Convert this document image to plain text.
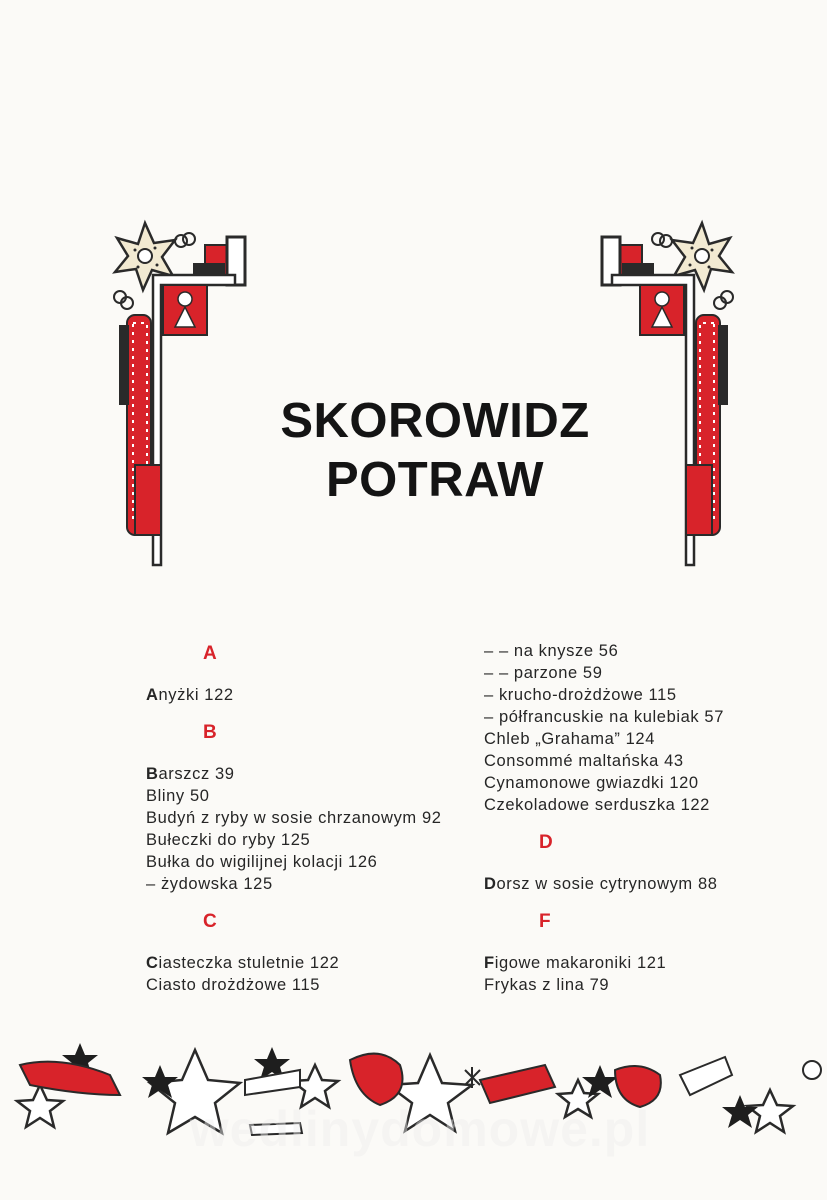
SKOROWIDZ
POTRAW
A
Anyżki 122
B
Barszcz 39
Bliny 50
Budyń z ryby w sosie chrzanowym 92
Bułeczki do ryby 125
Bułka do wigilijnej kolacji 126
– żydowska 125
C
Ciasteczka stuletnie 122
Ciasto drożdżowe 115
– – na knysze 56
– – parzone 59
– krucho-drożdżowe 115
– półfrancuskie na kulebiak 57
Chleb „Grahama” 124
Consommé maltańska 43
Cynamonowe gwiazdki 120
Czekoladowe serduszka 122
D
Dorsz w sosie cytrynowym 88
F
Figowe makaroniki 121
Frykas z lina 79
wedlinydomowe.pl
